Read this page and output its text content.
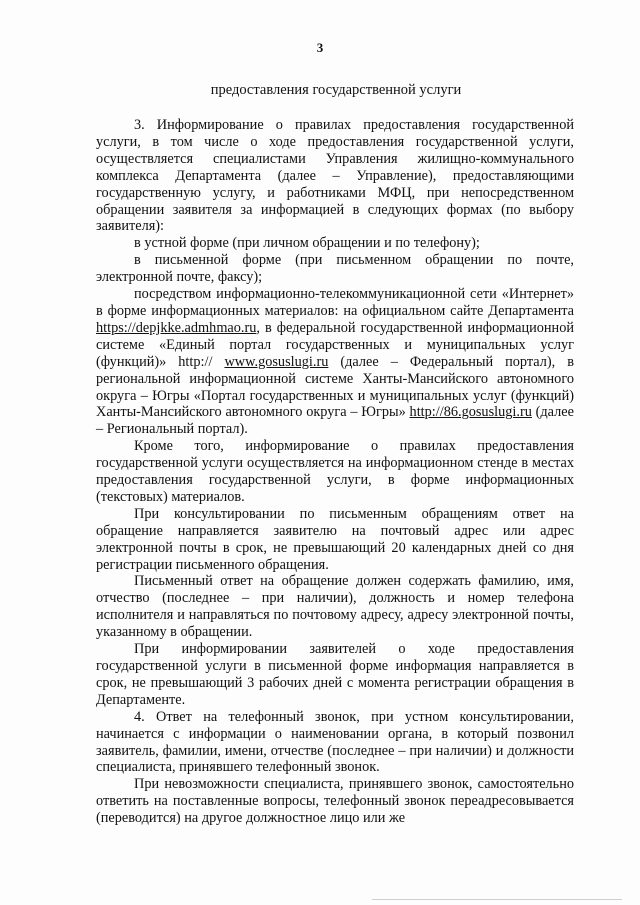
3
предоставления государственной услуги

3. Информирование о правилах предоставления государственной услуги, в том числе о ходе предоставления государственной услуги, осуществляется специалистами Управления жилищно-коммунального комплекса Департамента (далее – Управление), предоставляющими государственную услугу, и работниками МФЦ, при непосредственном обращении заявителя за информацией в следующих формах (по выбору заявителя):

в устной форме (при личном обращении и по телефону);

в письменной форме (при письменном обращении по почте, электронной почте, факсу);

посредством информационно-телекоммуникационной сети «Интернет» в форме информационных материалов: на официальном сайте Департамента https://depjkke.admhmao.ru, в федеральной государственной информационной системе «Единый портал государственных и муниципальных услуг (функций)» http:// www.gosuslugi.ru (далее – Федеральный портал), в региональной информационной системе Ханты-Мансийского автономного округа – Югры «Портал государственных и муниципальных услуг (функций) Ханты-Мансийского автономного округа – Югры» http://86.gosuslugi.ru (далее – Региональный портал).

Кроме того, информирование о правилах предоставления государственной услуги осуществляется на информационном стенде в местах предоставления государственной услуги, в форме информационных (текстовых) материалов.

При консультировании по письменным обращениям ответ на обращение направляется заявителю на почтовый адрес или адрес электронной почты в срок, не превышающий 20 календарных дней со дня регистрации письменного обращения.

Письменный ответ на обращение должен содержать фамилию, имя, отчество (последнее – при наличии), должность и номер телефона исполнителя и направляться по почтовому адресу, адресу электронной почты, указанному в обращении.

При информировании заявителей о ходе предоставления государственной услуги в письменной форме информация направляется в срок, не превышающий 3 рабочих дней с момента регистрации обращения в Департаменте.

4. Ответ на телефонный звонок, при устном консультировании, начинается с информации о наименовании органа, в который позвонил заявитель, фамилии, имени, отчестве (последнее – при наличии) и должности специалиста, принявшего телефонный звонок.

При невозможности специалиста, принявшего звонок, самостоятельно ответить на поставленные вопросы, телефонный звонок переадресовывается (переводится) на другое должностное лицо или же
